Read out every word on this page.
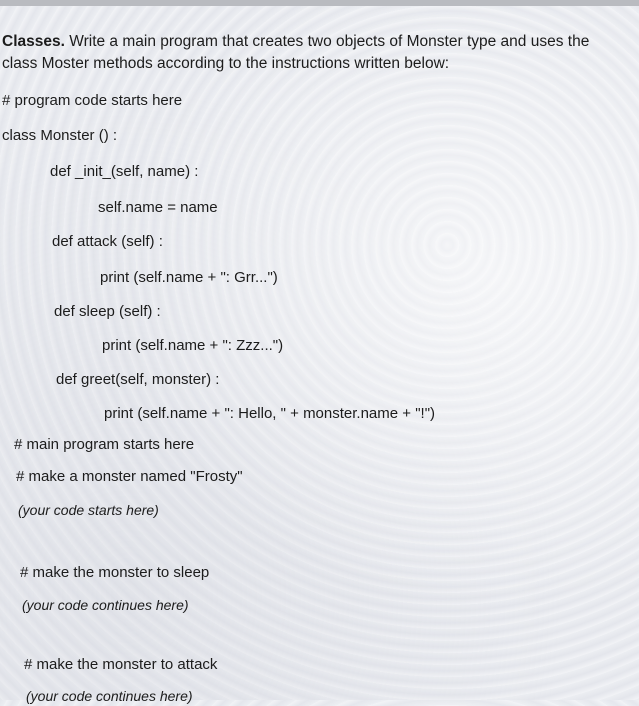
Classes. Write a main program that creates two objects of Monster type and uses the class Moster methods according to the instructions written below:
# program code starts here
class Monster () :
def _init_(self, name) :
self.name = name
def attack (self) :
print (self.name + ": Grr...")
def sleep (self) :
print (self.name + ": Zzz...")
def greet(self, monster) :
print (self.name + ": Hello, " + monster.name + "!")
# main program starts here
# make a monster named "Frosty"
(your code starts here)
# make the monster to sleep
(your code continues here)
# make the monster to attack
(your code continues here)
